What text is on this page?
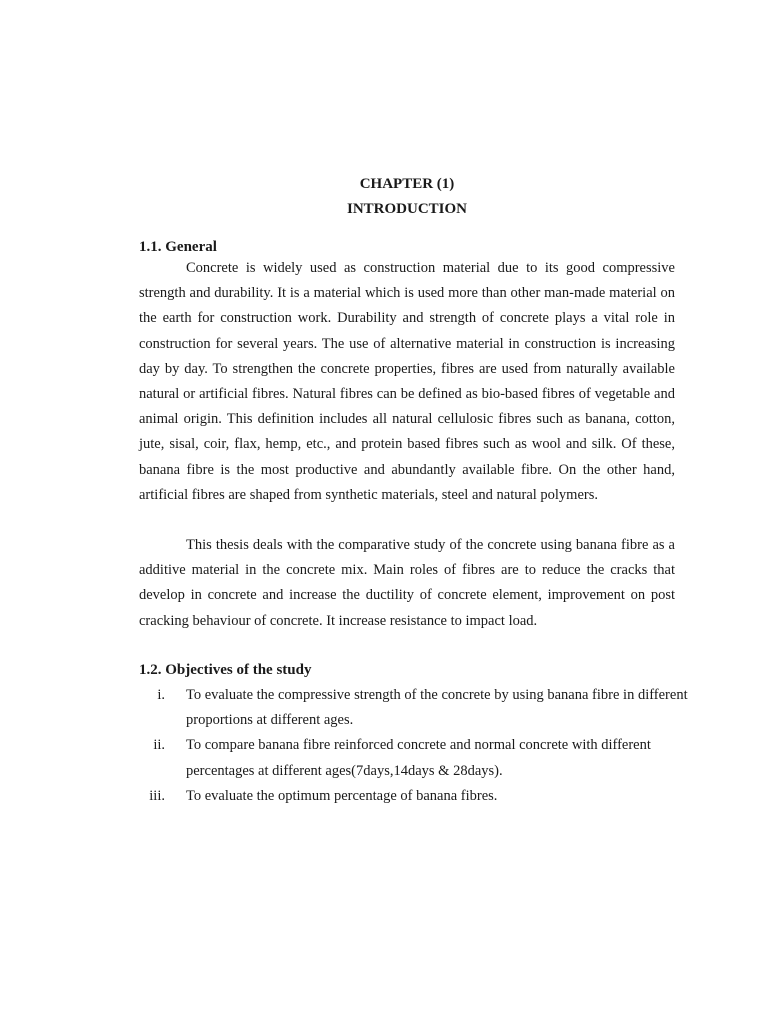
CHAPTER (1)
INTRODUCTION
1.1. General

Concrete is widely used as construction material due to its good compressive strength and durability. It is a material which is used more than other man-made material on the earth for construction work. Durability and strength of concrete plays a vital role in construction for several years. The use of alternative material in construction is increasing day by day. To strengthen the concrete properties, fibres are used from naturally available natural or artificial fibres. Natural fibres can be defined as bio-based fibres of vegetable and animal origin. This definition includes all natural cellulosic fibres such as banana, cotton, jute, sisal, coir, flax, hemp, etc., and protein based fibres such as wool and silk. Of these, banana fibre is the most productive and abundantly available fibre. On the other hand, artificial fibres are shaped from synthetic materials, steel and natural polymers.

This thesis deals with the comparative study of the concrete using banana fibre as a additive material in the concrete mix. Main roles of fibres are to reduce the cracks that develop in concrete and increase the ductility of concrete element, improvement on post cracking behaviour of concrete. It increase resistance to impact load.

1.2. Objectives of the study
i. To evaluate the compressive strength of the concrete by using banana fibre in different proportions at different ages.
ii. To compare banana fibre reinforced concrete and normal concrete with different percentages at different ages(7days,14days & 28days).
iii. To evaluate the optimum percentage of banana fibres.
